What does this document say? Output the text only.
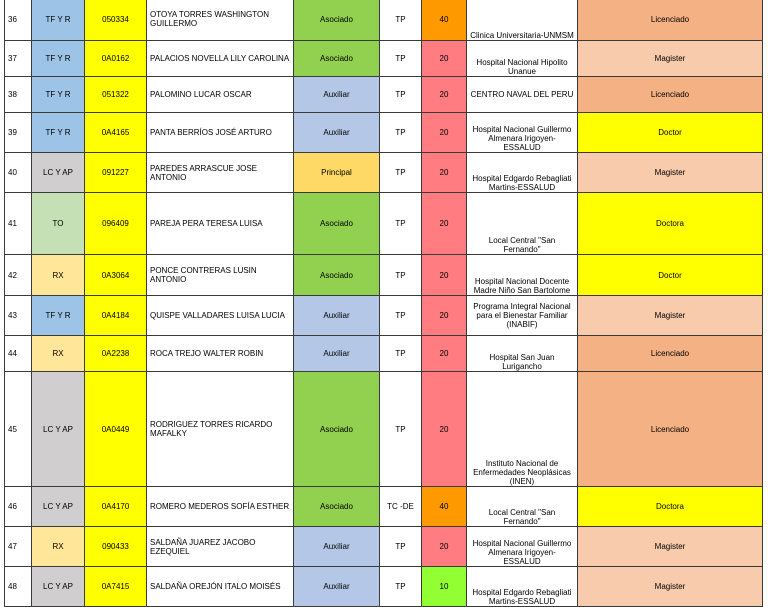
36	TF Y R	050334	OTOYA TORRES WASHINGTON GUILLERMO	Asociado	TP	40	Clinica Universitaria-UNMSM	Licenciado
37	TF Y R	0A0162	PALACIOS NOVELLA LILY CAROLINA	Asociado	TP	20	Hospital Nacional Hipolito Unanue	Magister
38	TF Y R	051322	PALOMINO LUCAR OSCAR	Auxiliar	TP	20	CENTRO NAVAL DEL PERU	Licenciado
39	TF Y R	0A4165	PANTA BERRÍOS JOSÉ ARTURO	Auxiliar	TP	20	Hospital Nacional Guillermo Almenara Irigoyen-ESSALUD	Doctor
40	LC Y AP	091227	PAREDES ARRASCUE JOSE ANTONIO	Principal	TP	20	Hospital Edgardo Rebagliati Martins-ESSALUD	Magister
41	TO	096409	PAREJA PERA TERESA LUISA	Asociado	TP	20	Local Central "San Fernando"	Doctora
42	RX	0A3064	PONCE CONTRERAS LUSIN ANTONIO	Asociado	TP	20	Hospital Nacional Docente Madre Niño San Bartolome	Doctor
43	TF Y R	0A4184	QUISPE VALLADARES LUISA LUCIA	Auxiliar	TP	20	Programa Integral Nacional para el Bienestar Familiar (INABIF)	Magister
44	RX	0A2238	ROCA TREJO WALTER ROBIN	Auxiliar	TP	20	Hospital San Juan Lurigancho	Licenciado
45	LC Y AP	0A0449	RODRIGUEZ TORRES RICARDO MAFALKY	Asociado	TP	20	Instituto Nacional de Enfermedades Neoplásicas (INEN)	Licenciado
46	LC Y AP	0A4170	ROMERO MEDEROS SOFÍA ESTHER	Asociado	TC -DE	40	Local Central "San Fernando"	Doctora
47	RX	090433	SALDAÑA JUAREZ JACOBO EZEQUIEL	Auxiliar	TP	20	Hospital Nacional Guillermo Almenara Irigoyen-ESSALUD	Magister
48	LC Y AP	0A7415	SALDAÑA OREJÓN ITALO MOISÉS	Auxiliar	TP	10	Hospital Edgardo Rebagliati Martins-ESSALUD	Magister
